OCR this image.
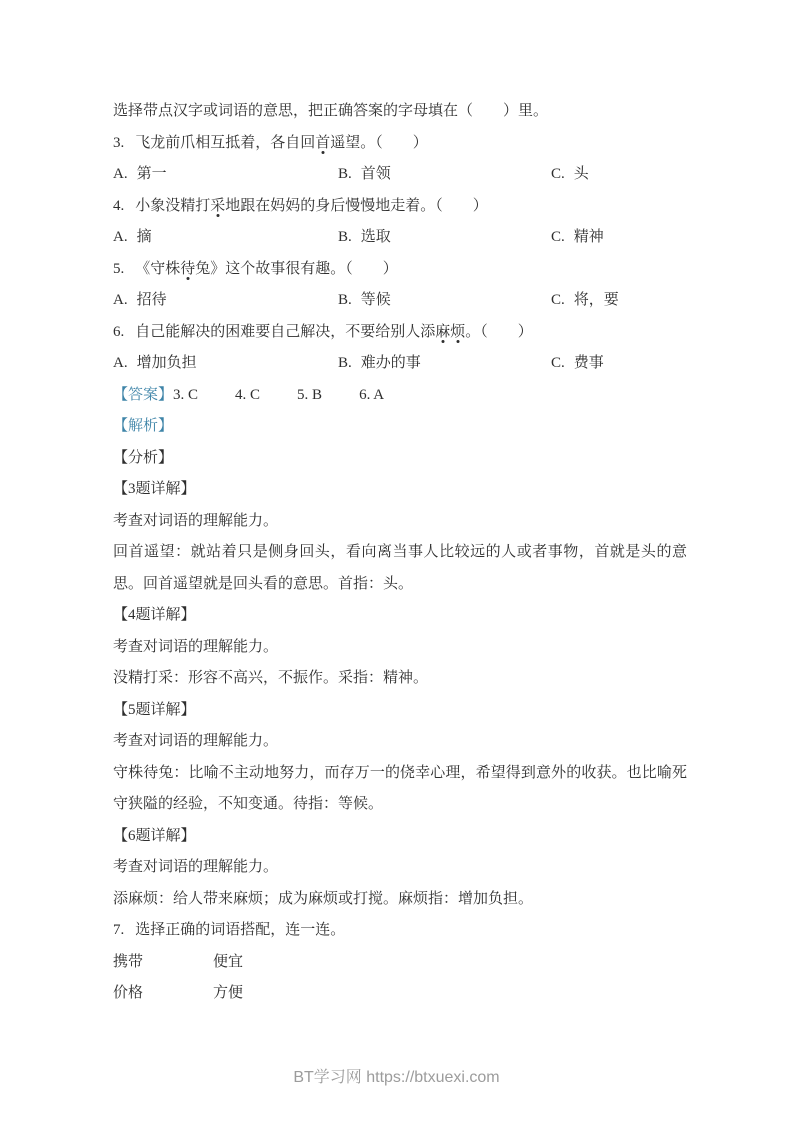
选择带点汉字或词语的意思，把正确答案的字母填在（　　）里。

3. 飞龙前爪相互抵着，各自回首遥望。（　　）

A. 第一	B. 首领	C. 头

4. 小象没精打采地跟在妈妈的身后慢慢地走着。（　　）

A. 摘	B. 选取	C. 精神

5. 《守株待兔》这个故事很有趣。（　　）

A. 招待	B. 等候	C. 将，要

6. 自己能解决的困难要自己解决，不要给别人添麻烦。（　　）

A. 增加负担	B. 难办的事	C. 费事

【答案】3. C 4. C 5. B 6. A

【解析】

【分析】

【3题详解】

考查对词语的理解能力。

回首遥望：就站着只是侧身回头，看向离当事人比较远的人或者事物，首就是头的意思。回首遥望就是回头看的意思。首指：头。

【4题详解】

考查对词语的理解能力。

没精打采：形容不高兴，不振作。采指：精神。

【5题详解】

考查对词语的理解能力。

守株待兔：比喻不主动地努力，而存万一的侥幸心理，希望得到意外的收获。也比喻死守狭隘的经验，不知变通。待指：等候。

【6题详解】

考查对词语的理解能力。

添麻烦：给人带来麻烦；成为麻烦或打搅。麻烦指：增加负担。

7. 选择正确的词语搭配，连一连。

携带	便宜
价格	方便
BT学习网 https://btxuexi.com
